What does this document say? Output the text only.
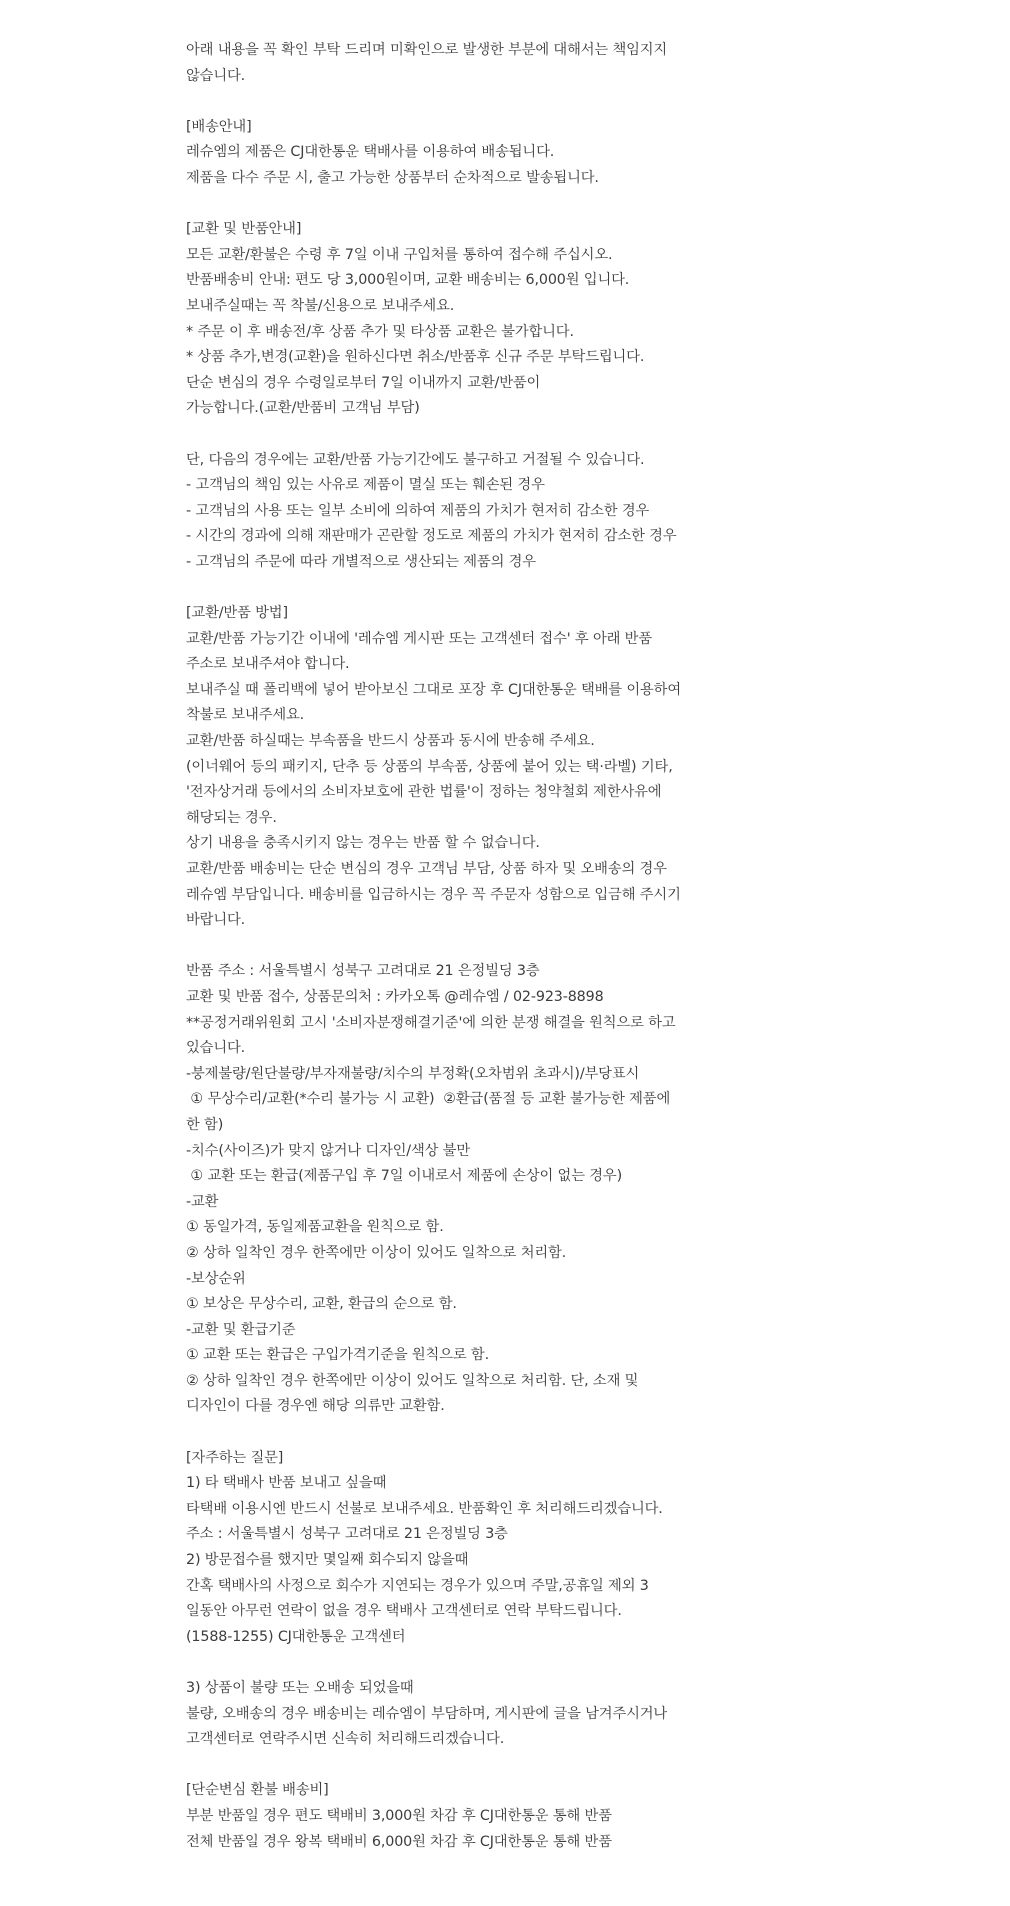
아래 내용을 꼭 확인 부탁 드리며 미확인으로 발생한 부분에 대해서는 책임지지
않습니다.
[배송안내]
레슈엠의 제품은 CJ대한통운 택배사를 이용하여 배송됩니다.
제품을 다수 주문 시, 출고 가능한 상품부터 순차적으로 발송됩니다.
[교환 및 반품안내]
모든 교환/환불은 수령 후 7일 이내 구입처를 통하여 접수해 주십시오.
반품배송비 안내: 편도 당 3,000원이며, 교환 배송비는 6,000원 입니다.
보내주실때는 꼭 착불/신용으로 보내주세요.
* 주문 이 후 배송전/후 상품 추가 및 타상품 교환은 불가합니다.
* 상품 추가,변경(교환)을 원하신다면 취소/반품후 신규 주문 부탁드립니다.
단순 변심의 경우 수령일로부터 7일 이내까지 교환/반품이
가능합니다.(교환/반품비 고객님 부담)
단, 다음의 경우에는 교환/반품 가능기간에도 불구하고 거절될 수 있습니다.
- 고객님의 책임 있는 사유로 제품이 멸실 또는 훼손된 경우
- 고객님의 사용 또는 일부 소비에 의하여 제품의 가치가 현저히 감소한 경우
- 시간의 경과에 의해 재판매가 곤란할 정도로 제품의 가치가 현저히 감소한 경우
- 고객님의 주문에 따라 개별적으로 생산되는 제품의 경우
[교환/반품 방법]
교환/반품 가능기간 이내에 '레슈엠 게시판 또는 고객센터 접수' 후 아래 반품
주소로 보내주셔야 합니다.
보내주실 때 폴리백에 넣어 받아보신 그대로 포장 후 CJ대한통운 택배를 이용하여
착불로 보내주세요.
교환/반품 하실때는 부속품을 반드시 상품과 동시에 반송해 주세요.
(이너웨어 등의 패키지, 단추 등 상품의 부속품, 상품에 붙어 있는 택·라벨) 기타,
'전자상거래 등에서의 소비자보호에 관한 법률'이 정하는 청약철회 제한사유에
해당되는 경우.
상기 내용을 충족시키지 않는 경우는 반품 할 수 없습니다.
교환/반품 배송비는 단순 변심의 경우 고객님 부담, 상품 하자 및 오배송의 경우
레슈엠 부담입니다. 배송비를 입금하시는 경우 꼭 주문자 성함으로 입금해 주시기
바랍니다.
반품 주소 : 서울특별시 성북구 고려대로 21 은정빌딩 3층
교환 및 반품 접수, 상품문의처 : 카카오톡 @레슈엠 / 02-923-8898
**공정거래위원회 고시 '소비자분쟁해결기준'에 의한 분쟁 해결을 원칙으로 하고
있습니다.
-붕제불량/원단불량/부자재불량/치수의 부정확(오차범위 초과시)/부당표시
① 무상수리/교환(*수리 불가능 시 교환)  ②환급(품절 등 교환 불가능한 제품에
한 함)
-치수(사이즈)가 맞지 않거나 디자인/색상 불만
① 교환 또는 환급(제품구입 후 7일 이내로서 제품에 손상이 없는 경우)
-교환
① 동일가격, 동일제품교환을 원칙으로 함.
② 상하 일착인 경우 한쪽에만 이상이 있어도 일착으로 처리함.
-보상순위
① 보상은 무상수리, 교환, 환급의 순으로 함.
-교환 및 환급기준
① 교환 또는 환급은 구입가격기준을 원칙으로 함.
② 상하 일착인 경우 한쪽에만 이상이 있어도 일착으로 처리함. 단, 소재 및
디자인이 다를 경우엔 해당 의류만 교환함.
[자주하는 질문]
1) 타 택배사 반품 보내고 싶을때
타택배 이용시엔 반드시 선불로 보내주세요. 반품확인 후 처리해드리겠습니다.
주소 : 서울특별시 성북구 고려대로 21 은정빌딩 3층
2) 방문접수를 했지만 몇일째 회수되지 않을때
간혹 택배사의 사정으로 회수가 지연되는 경우가 있으며 주말,공휴일 제외 3
일동안 아무런 연락이 없을 경우 택배사 고객센터로 연락 부탁드립니다.
(1588-1255) CJ대한통운 고객센터
3) 상품이 불량 또는 오배송 되었을때
불량, 오배송의 경우 배송비는 레슈엠이 부담하며, 게시판에 글을 남겨주시거나
고객센터로 연락주시면 신속히 처리해드리겠습니다.
[단순변심 환불 배송비]
부분 반품일 경우 편도 택배비 3,000원 차감 후 CJ대한통운 통해 반품
전체 반품일 경우 왕복 택배비 6,000원 차감 후 CJ대한통운 통해 반품
